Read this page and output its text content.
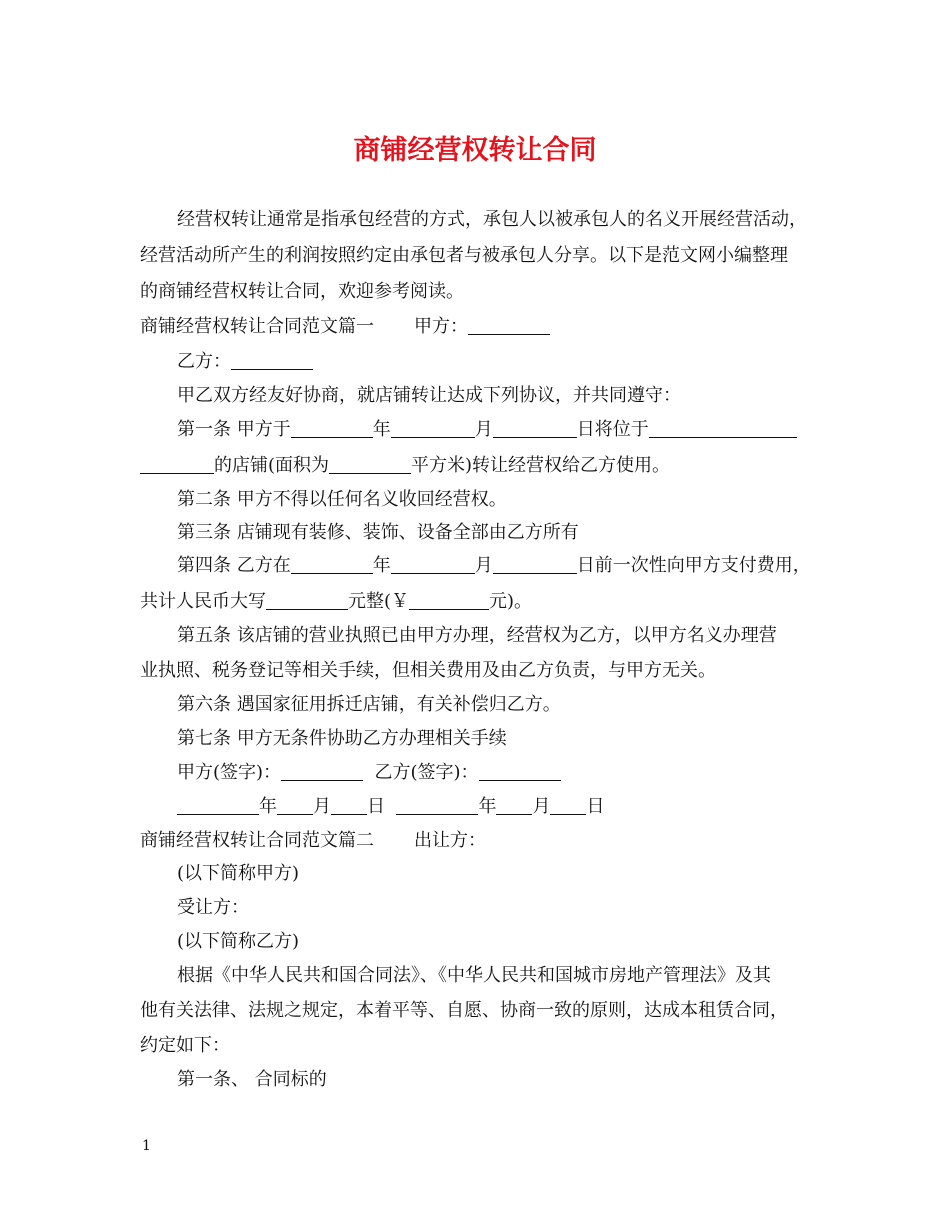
商铺经营权转让合同
经营权转让通常是指承包经营的方式，承包人以被承包人的名义开展经营活动，
经营活动所产生的利润按照约定由承包者与被承包人分享。以下是范文网小编整理
的商铺经营权转让合同，欢迎参考阅读。
商铺经营权转让合同范文篇一 甲方：
乙方：
甲乙双方经友好协商，就店铺转让达成下列协议，并共同遵守：
第一条 甲方于	年	月	日将位于
的店铺(面积为	平方米)转让经营权给乙方使用。
第二条 甲方不得以任何名义收回经营权。
第三条 店铺现有装修、装饰、设备全部由乙方所有
第四条 乙方在	年	月	日前一次性向甲方支付费用，
共计人民币大写	元整(￥	元)。
第五条 该店铺的营业执照已由甲方办理，经营权为乙方，以甲方名义办理营
业执照、税务登记等相关手续，但相关费用及由乙方负责，与甲方无关。
第六条 遇国家征用拆迁店铺，有关补偿归乙方。
第七条 甲方无条件协助乙方办理相关手续
甲方(签字)：	乙方(签字)：
年 月 日	年 月 日
商铺经营权转让合同范文篇二 出让方：
(以下简称甲方)
受让方：
(以下简称乙方)
根据《中华人民共和国合同法》、《中华人民共和国城市房地产管理法》及其
他有关法律、法规之规定，本着平等、自愿、协商一致的原则，达成本租赁合同，
约定如下：
第一条、 合同标的
1
